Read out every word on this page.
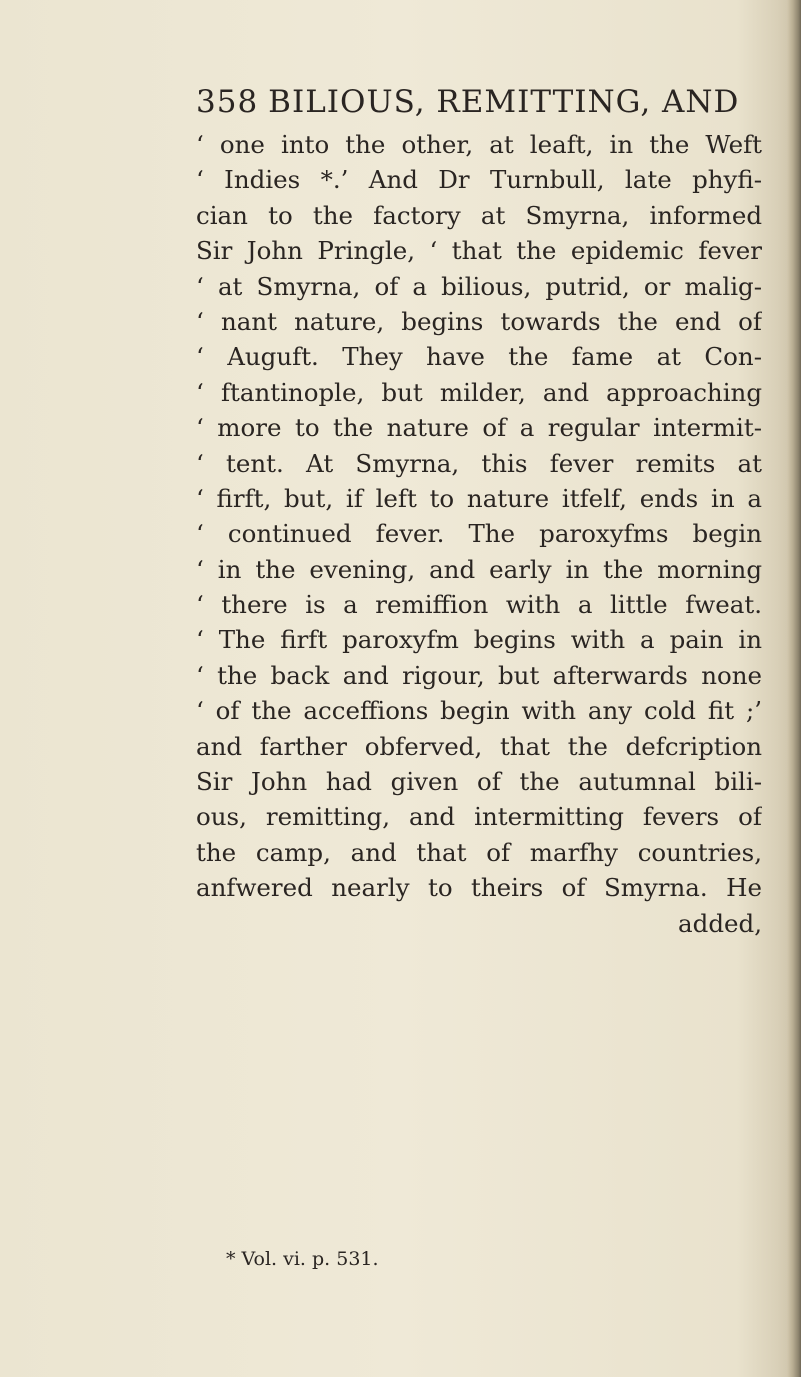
358 BILIOUS, REMITTING, AND
‘ one into the other, at leaft, in the Weft
‘ Indies *.’ And Dr Turnbull, late phyfi-
cian to the factory at Smyrna, informed
Sir John Pringle, ‘ that the epidemic fever
‘ at Smyrna, of a bilious, putrid, or malig-
‘ nant nature, begins towards the end of
‘ Auguft. They have the fame at Con-
‘ ftantinople, but milder, and approaching
‘ more to the nature of a regular intermit-
‘ tent. At Smyrna, this fever remits at
‘ firft, but, if left to nature itfelf, ends in a
‘ continued fever. The paroxyfms begin
‘ in the evening, and early in the morning
‘ there is a remiffion with a little fweat.
‘ The firft paroxyfm begins with a pain in
‘ the back and rigour, but afterwards none
‘ of the acceffions begin with any cold fit ;’
and farther obferved, that the defcription
Sir John had given of the autumnal bili-
ous, remitting, and intermitting fevers of
the camp, and that of marfhy countries,
anfwered nearly to theirs of Smyrna. He
added,
* Vol. vi. p. 531.
